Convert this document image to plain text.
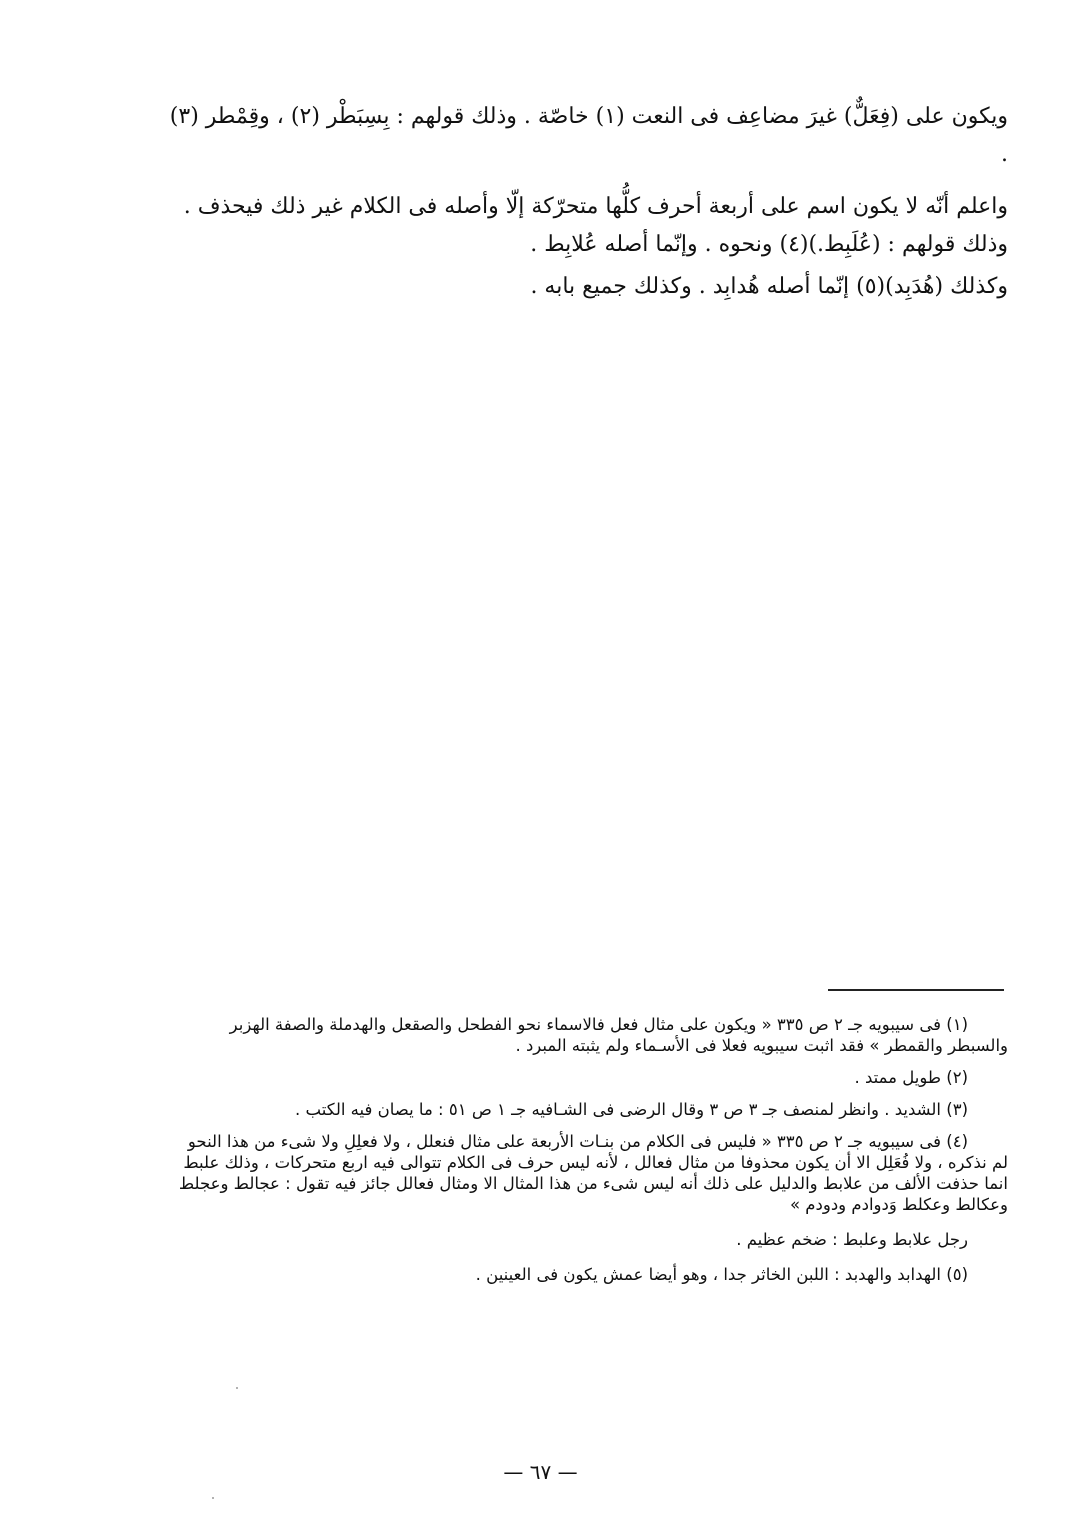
ويكون على (فِعَلٌّ) غيرَ مضاعِف فى النعت (١) خاصّة . وذلك قولهم : بِسِبَطْر (٢) ، وقِمْطر (٣) .

واعلم أنّه لا يكون اسم على أربعة أحرف كلُّها متحرّكة إلّا وأصله فى الكلام غير ذلك فيحذف . وذلك قولهم : (عُلَبِط.)(٤) ونحوه . وإنّما أصله عُلابِط .

وكذلك (هُدَبِد)(٥) إنّما أصله هُدابِد . وكذلك جميع بابه .

(١) فى سيبويه جـ ٢ ص ٣٣٥ « ويكون على مثال فعل فالاسماء نحو الفطحل والصقعل والهدملة والصفة الهزبر والسبطر والقمطر » فقد اثبت سيبويه فعلا فى الأسـماء ولم يثبته المبرد .

(٢) طويل ممتد .

(٣) الشديد . وانظر لمنصف جـ ٣ ص ٣ وقال الرضى فى الشـافيه جـ ١ ص ٥١ : ما يصان فيه الكتب .

(٤) فى سيبويه جـ ٢ ص ٣٣٥ « فليس فى الكلام من بنـات الأربعة على مثال فنعلل ، ولا فعلِلِ ولا شىء من هذا النحو لم نذكره ، ولا فُعَلِل الا أن يكون محذوفا من مثال فعالل ، لأنه ليس حرف فى الكلام تتوالى فيه اربع متحركات ، وذلك علبط انما حذفت الألف من علابط والدليل على ذلك أنه ليس شىء من هذا المثال الا ومثال فعالل جائز فيه تقول : عجالط وعجلط وعكالط وعكلط وَدوادم ودودم »

رجل علابط وعلبط : ضخم عظيم .

(٥) الهدابد والهدبد : اللبن الخاثر جدا ، وهو أيضا عمش يكون فى العينين .

— ٦٧ —
